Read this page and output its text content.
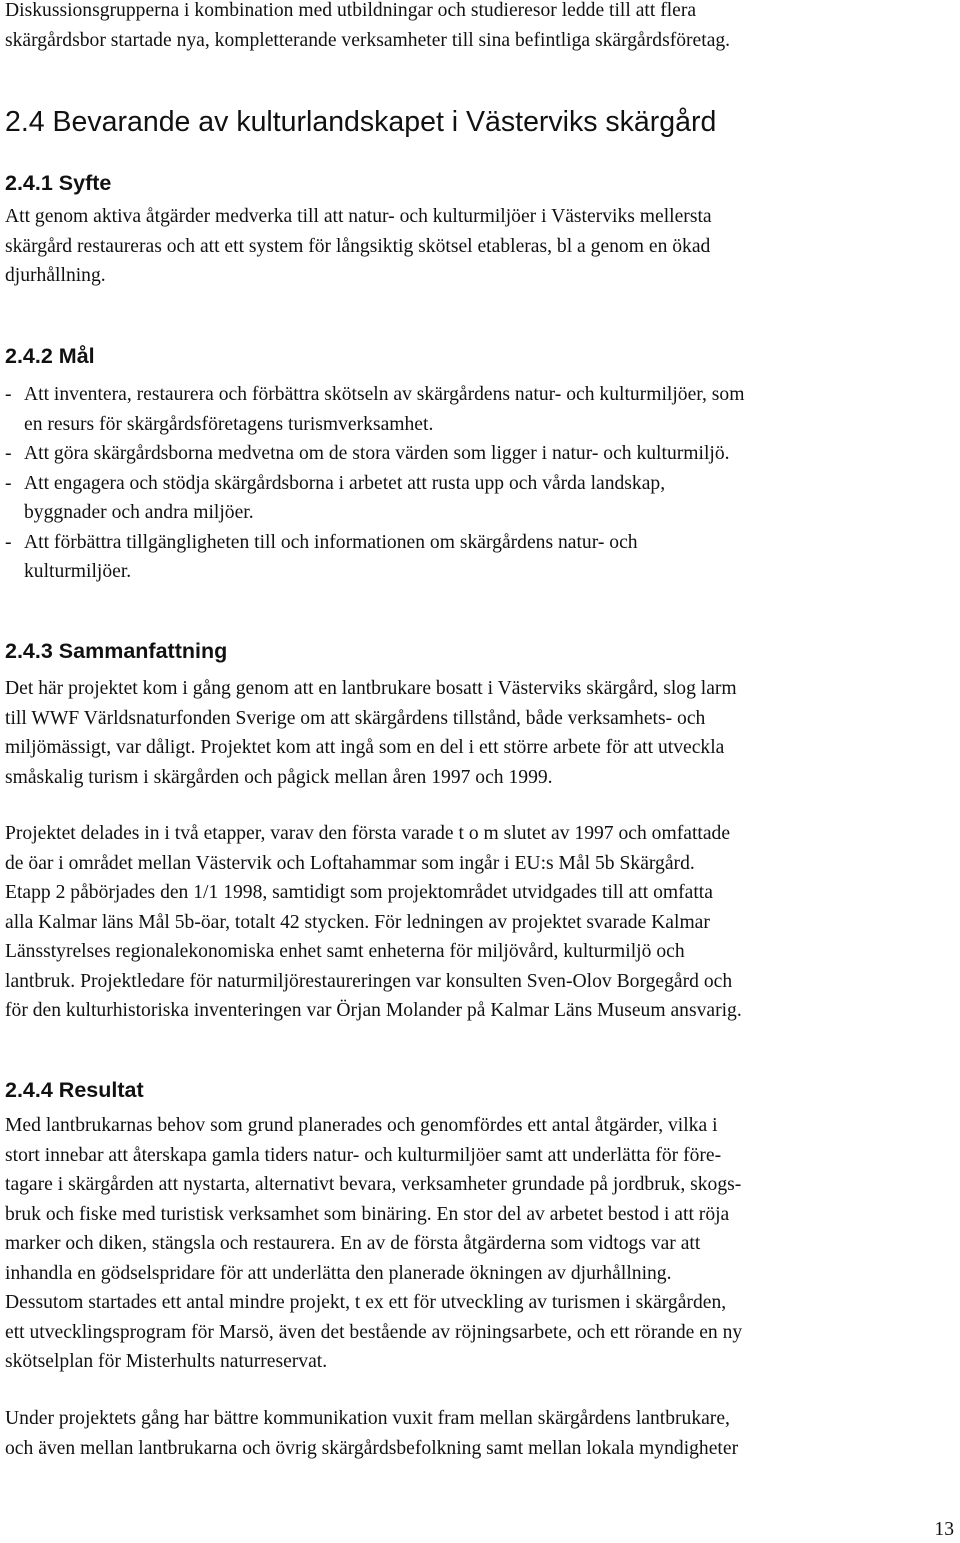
Diskussionsgrupperna i kombination med utbildningar och studieresor ledde till att flera
skärgårdsbor startade nya, kompletterande verksamheter till sina befintliga skärgårdsföretag.
2.4 Bevarande av kulturlandskapet i Västerviks skärgård
2.4.1 Syfte
Att genom aktiva åtgärder medverka till att natur- och kulturmiljöer i Västerviks mellersta
skärgård restaureras och att ett system för långsiktig skötsel etableras, bl a genom en ökad
djurhållning.
2.4.2 Mål
- Att inventera, restaurera och förbättra skötseln av skärgårdens natur- och kulturmiljöer, som
en resurs för skärgårdsföretagens turismverksamhet.
- Att göra skärgårdsborna medvetna om de stora värden som ligger i natur- och kulturmiljö.
- Att engagera och stödja skärgårdsborna i arbetet att rusta upp och vårda landskap,
byggnader och andra miljöer.
- Att förbättra tillgängligheten till och informationen om skärgårdens natur- och
kulturmiljöer.
2.4.3 Sammanfattning
Det här projektet kom i gång genom att en lantbrukare bosatt i Västerviks skärgård, slog larm
till WWF Världsnaturfonden Sverige om att skärgårdens tillstånd, både verksamhets- och
miljömässigt, var dåligt. Projektet kom att ingå som en del i ett större arbete för att utveckla
småskalig turism i skärgården och pågick mellan åren 1997 och 1999.
Projektet delades in i två etapper, varav den första varade t o m slutet av 1997 och omfattade
de öar i området mellan Västervik och Loftahammar som ingår i EU:s Mål 5b Skärgård.
Etapp 2 påbörjades den 1/1 1998, samtidigt som projektområdet utvidgades till att omfatta
alla Kalmar läns Mål 5b-öar, totalt 42 stycken. För ledningen av projektet svarade Kalmar
Länsstyrelses regionalekonomiska enhet samt enheterna för miljövård, kulturmiljö och
lantbruk. Projektledare för naturmiljörestaureringen var konsulten Sven-Olov Borgegård och
för den kulturhistoriska inventeringen var Örjan Molander på Kalmar Läns Museum ansvarig.
2.4.4 Resultat
Med lantbrukarnas behov som grund planerades och genomfördes ett antal åtgärder, vilka i
stort innebar att återskapa gamla tiders natur- och kulturmiljöer samt att underlätta för före-
tagare i skärgården att nystarta, alternativt bevara, verksamheter grundade på jordbruk, skogs-
bruk och fiske med turistisk verksamhet som binäring. En stor del av arbetet bestod i att röja
marker och diken, stängsla och restaurera. En av de första åtgärderna som vidtogs var att
inhandla en gödselspridare för att underlätta den planerade ökningen av djurhållning.
Dessutom startades ett antal mindre projekt, t ex ett för utveckling av turismen i skärgården,
ett utvecklingsprogram för Marsö, även det bestående av röjningsarbete, och ett rörande en ny
skötselplan för Misterhults naturreservat.
Under projektets gång har bättre kommunikation vuxit fram mellan skärgårdens lantbrukare,
och även mellan lantbrukarna och övrig skärgårdsbefolkning samt mellan lokala myndigheter
13
